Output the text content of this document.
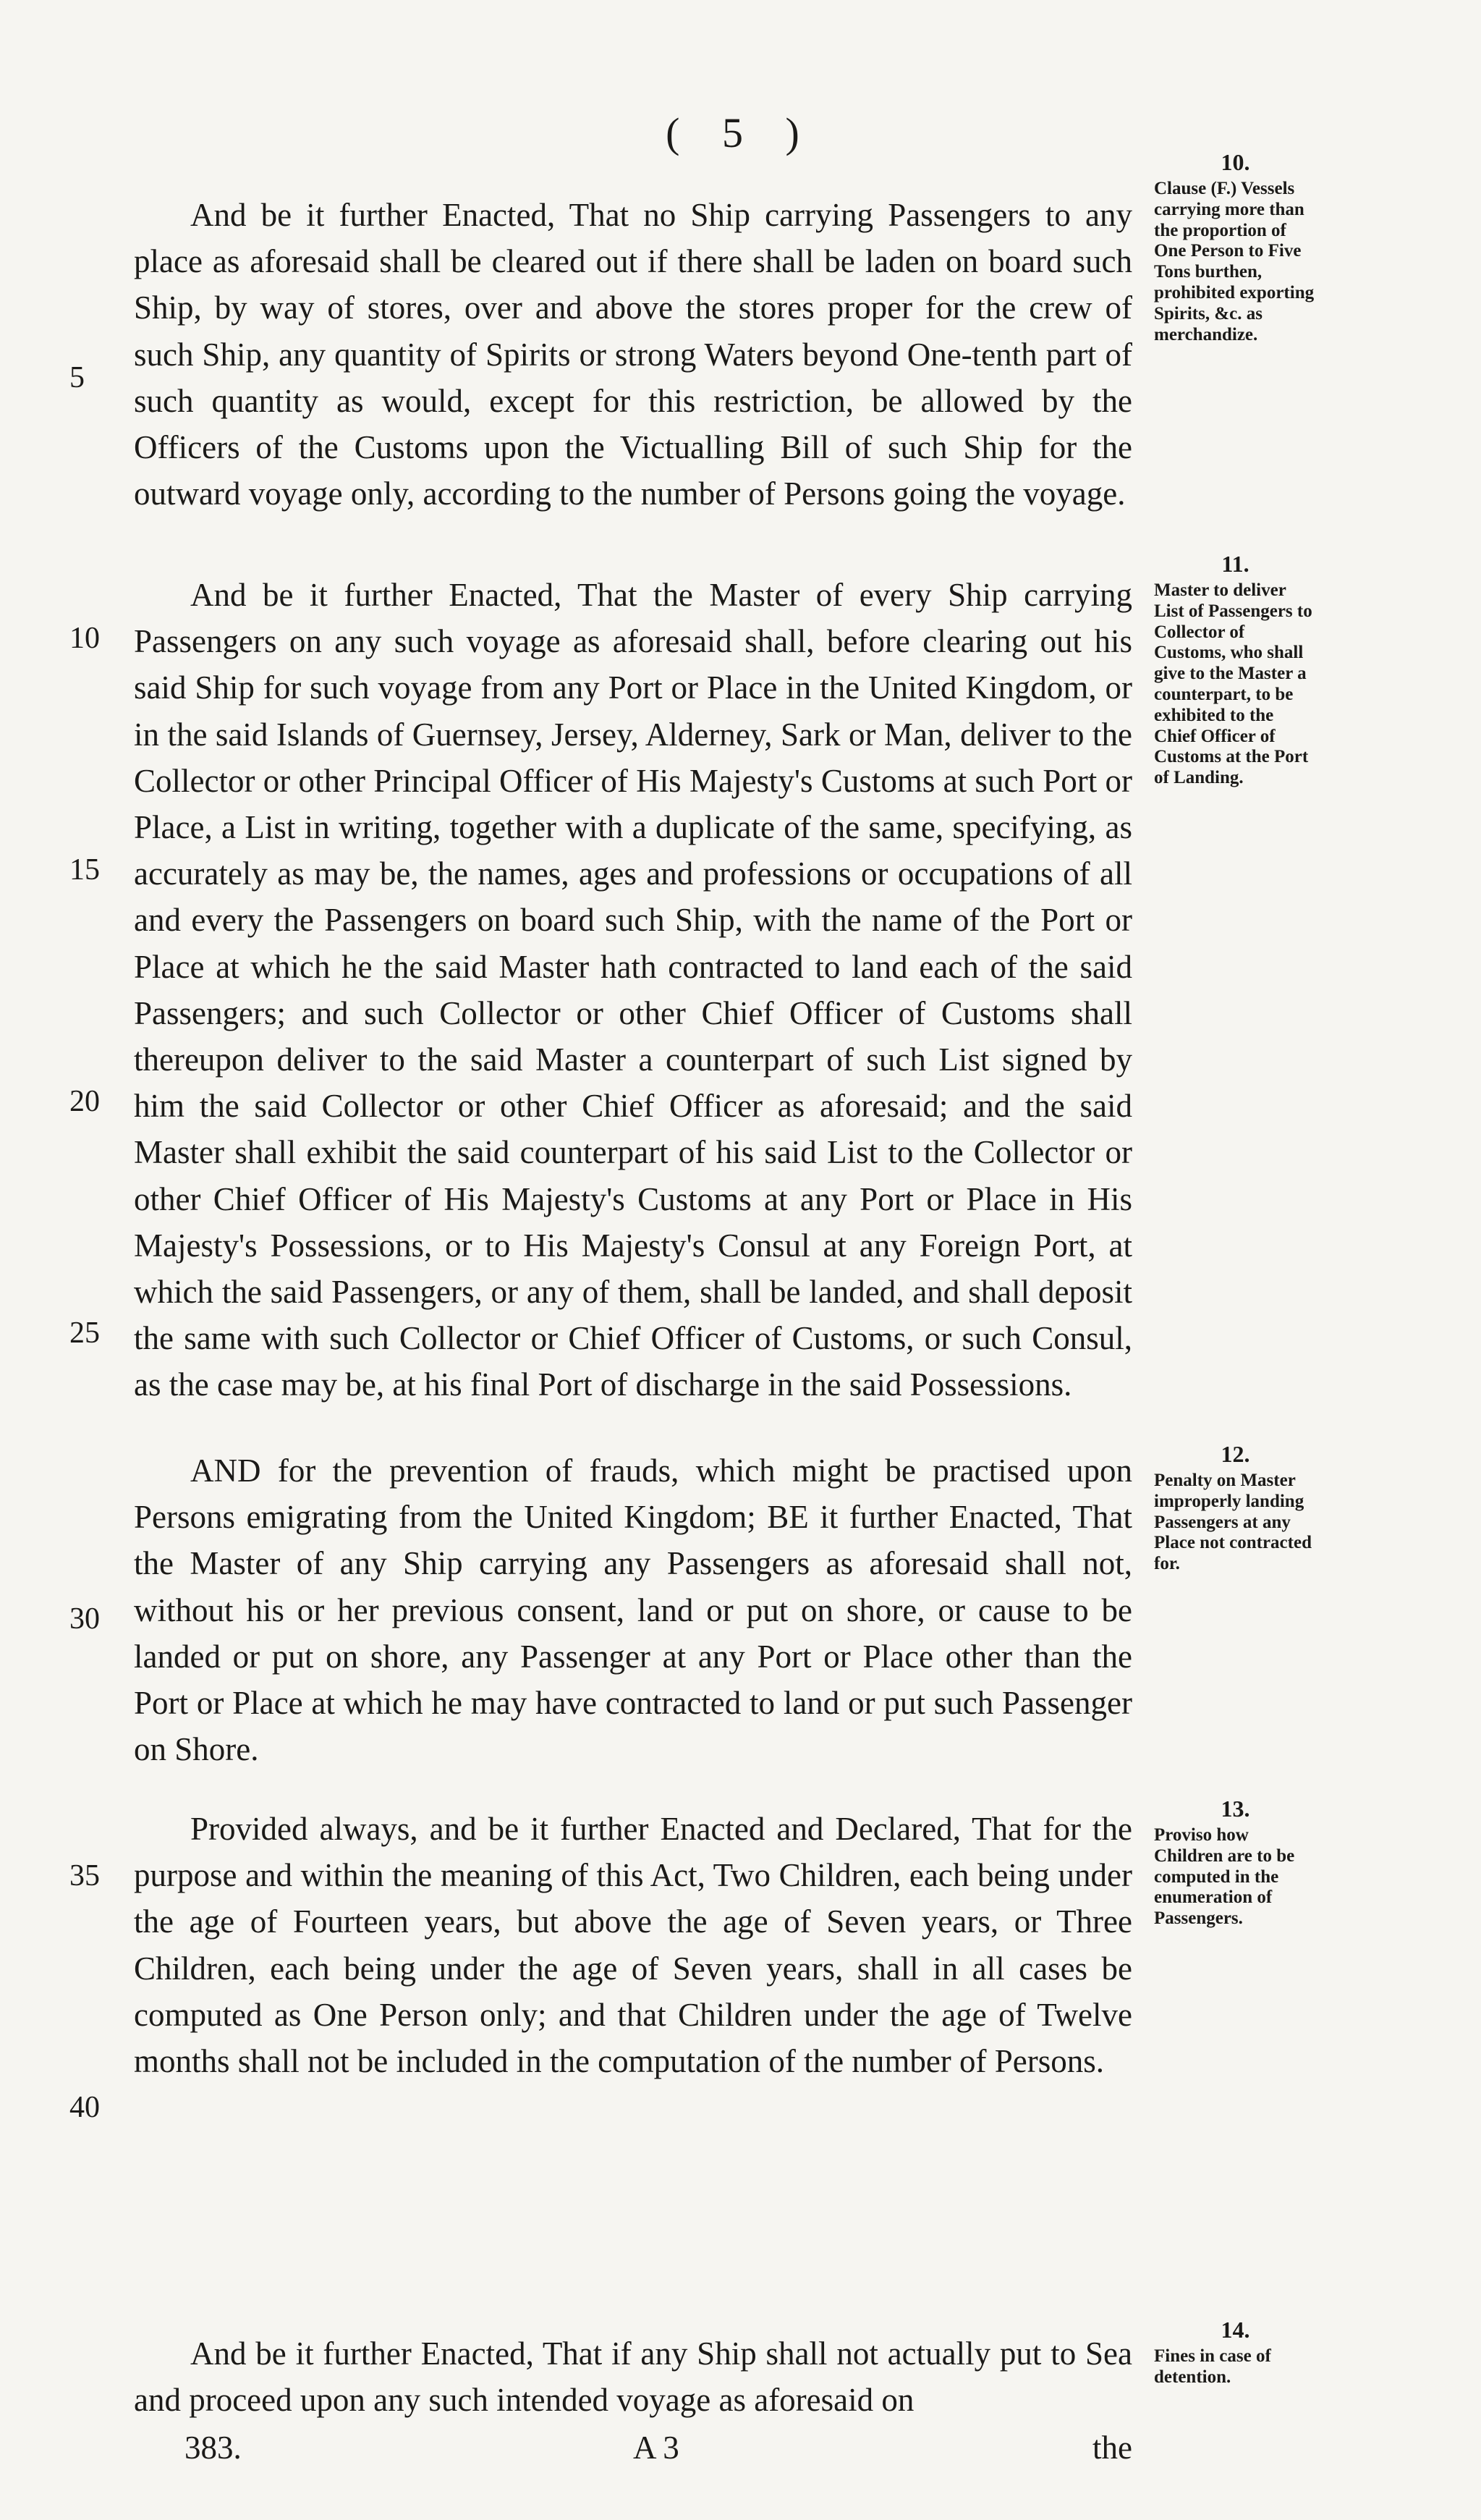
( 5 )
5
10
15
20
25
30
35
40

And be it further Enacted, That no Ship carrying Passengers to any place as aforesaid shall be cleared out if there shall be laden on board such Ship, by way of stores, over and above the stores proper for the crew of such Ship, any quantity of Spirits or strong Waters beyond One-tenth part of such quantity as would, except for this restriction, be allowed by the Officers of the Customs upon the Victualling Bill of such Ship for the outward voyage only, according to the number of Persons going the voyage.

10.
Clause (F.) Vessels carrying more than the proportion of One Person to Five Tons burthen, prohibited exporting Spirits, &c. as merchandize.

And be it further Enacted, That the Master of every Ship carrying Passengers on any such voyage as aforesaid shall, before clearing out his said Ship for such voyage from any Port or Place in the United Kingdom, or in the said Islands of Guernsey, Jersey, Alderney, Sark or Man, deliver to the Collector or other Principal Officer of His Majesty's Customs at such Port or Place, a List in writing, together with a duplicate of the same, specifying, as accurately as may be, the names, ages and professions or occupations of all and every the Passengers on board such Ship, with the name of the Port or Place at which he the said Master hath contracted to land each of the said Passengers; and such Collector or other Chief Officer of Customs shall thereupon deliver to the said Master a counterpart of such List signed by him the said Collector or other Chief Officer as aforesaid; and the said Master shall exhibit the said counterpart of his said List to the Collector or other Chief Officer of His Majesty's Customs at any Port or Place in His Majesty's Possessions, or to His Majesty's Consul at any Foreign Port, at which the said Passengers, or any of them, shall be landed, and shall deposit the same with such Collector or Chief Officer of Customs, or such Consul, as the case may be, at his final Port of discharge in the said Possessions.

11.
Master to deliver List of Passengers to Collector of Customs, who shall give to the Master a counterpart, to be exhibited to the Chief Officer of Customs at the Port of Landing.

AND for the prevention of frauds, which might be practised upon Persons emigrating from the United Kingdom; BE it further Enacted, That the Master of any Ship carrying any Passengers as aforesaid shall not, without his or her previous consent, land or put on shore, or cause to be landed or put on shore, any Passenger at any Port or Place other than the Port or Place at which he may have contracted to land or put such Passenger on Shore.

12.
Penalty on Master improperly landing Passengers at any Place not contracted for.

Provided always, and be it further Enacted and Declared, That for the purpose and within the meaning of this Act, Two Children, each being under the age of Fourteen years, but above the age of Seven years, or Three Children, each being under the age of Seven years, shall in all cases be computed as One Person only; and that Children under the age of Twelve months shall not be included in the computation of the number of Persons.

13.
Proviso how Children are to be computed in the enumeration of Passengers.

And be it further Enacted, That if any Ship shall not actually put to Sea and proceed upon any such intended voyage as aforesaid on

14.
Fines in case of detention.
383.	A 3	the
